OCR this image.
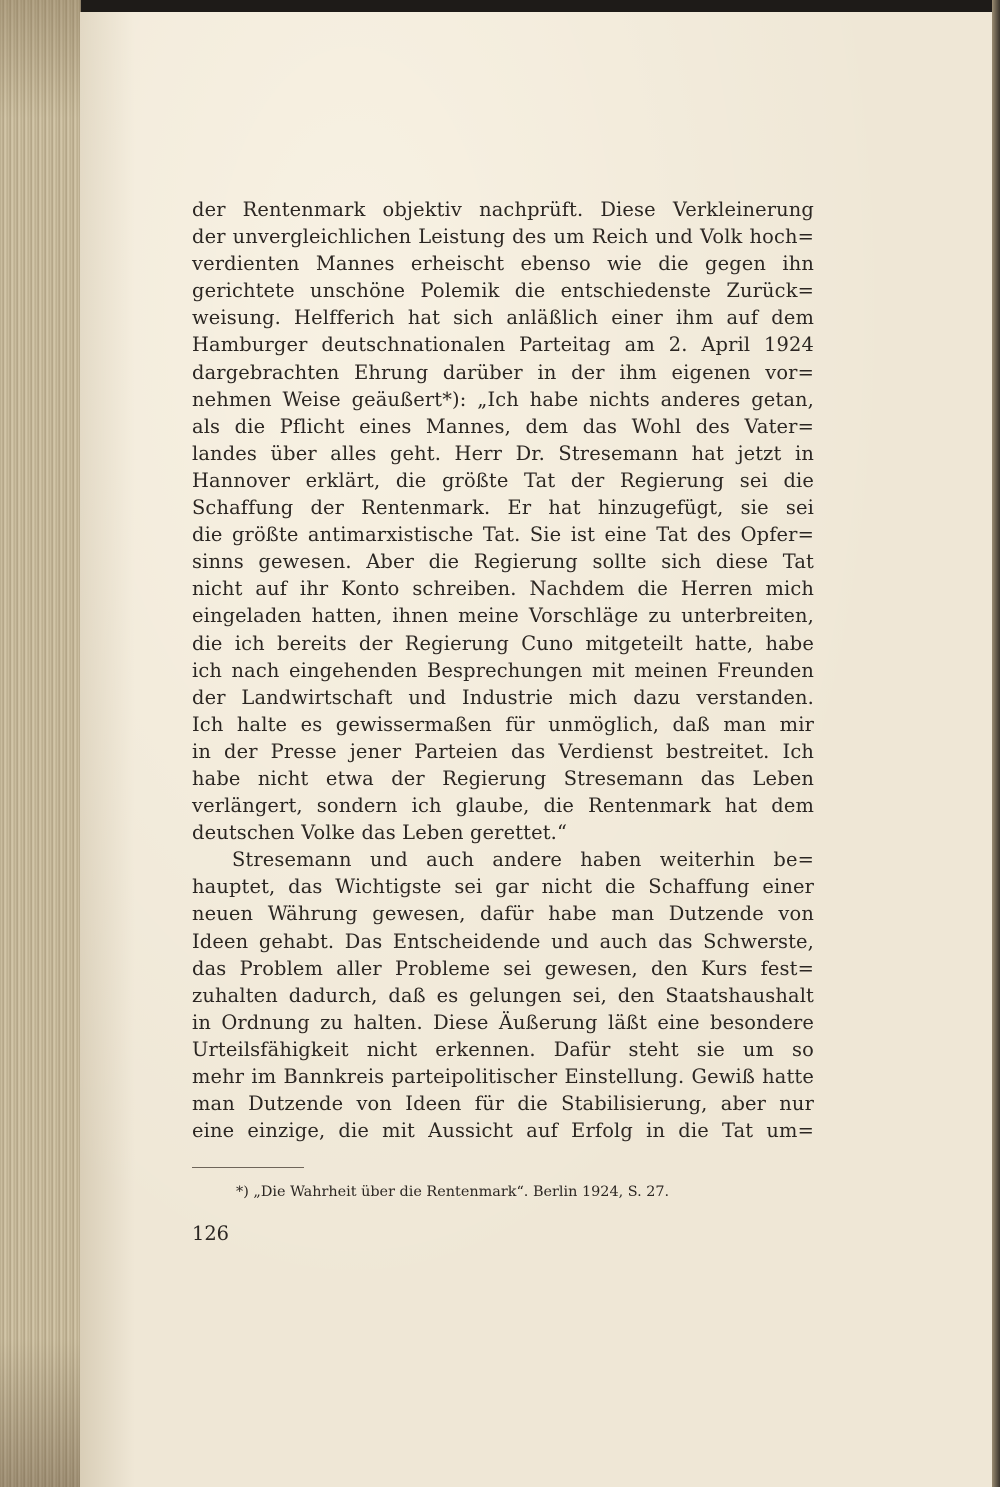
der Rentenmark objektiv nachprüft. Diese Verkleinerung
der unvergleichlichen Leistung des um Reich und Volk hoch=
verdienten Mannes erheischt ebenso wie die gegen ihn
gerichtete unschöne Polemik die entschiedenste Zurück=
weisung. Helfferich hat sich anläßlich einer ihm auf dem
Hamburger deutschnationalen Parteitag am 2. April 1924
dargebrachten Ehrung darüber in der ihm eigenen vor=
nehmen Weise geäußert*): „Ich habe nichts anderes getan,
als die Pflicht eines Mannes, dem das Wohl des Vater=
landes über alles geht. Herr Dr. Stresemann hat jetzt in
Hannover erklärt, die größte Tat der Regierung sei die
Schaffung der Rentenmark. Er hat hinzugefügt, sie sei
die größte antimarxistische Tat. Sie ist eine Tat des Opfer=
sinns gewesen. Aber die Regierung sollte sich diese Tat
nicht auf ihr Konto schreiben. Nachdem die Herren mich
eingeladen hatten, ihnen meine Vorschläge zu unterbreiten,
die ich bereits der Regierung Cuno mitgeteilt hatte, habe
ich nach eingehenden Besprechungen mit meinen Freunden
der Landwirtschaft und Industrie mich dazu verstanden.
Ich halte es gewissermaßen für unmöglich, daß man mir
in der Presse jener Parteien das Verdienst bestreitet. Ich
habe nicht etwa der Regierung Stresemann das Leben
verlängert, sondern ich glaube, die Rentenmark hat dem
deutschen Volke das Leben gerettet.“
Stresemann und auch andere haben weiterhin be=
hauptet, das Wichtigste sei gar nicht die Schaffung einer
neuen Währung gewesen, dafür habe man Dutzende von
Ideen gehabt. Das Entscheidende und auch das Schwerste,
das Problem aller Probleme sei gewesen, den Kurs fest=
zuhalten dadurch, daß es gelungen sei, den Staatshaushalt
in Ordnung zu halten. Diese Äußerung läßt eine besondere
Urteilsfähigkeit nicht erkennen. Dafür steht sie um so
mehr im Bannkreis parteipolitischer Einstellung. Gewiß hatte
man Dutzende von Ideen für die Stabilisierung, aber nur
eine einzige, die mit Aussicht auf Erfolg in die Tat um=
*) „Die Wahrheit über die Rentenmark“. Berlin 1924, S. 27.
126
